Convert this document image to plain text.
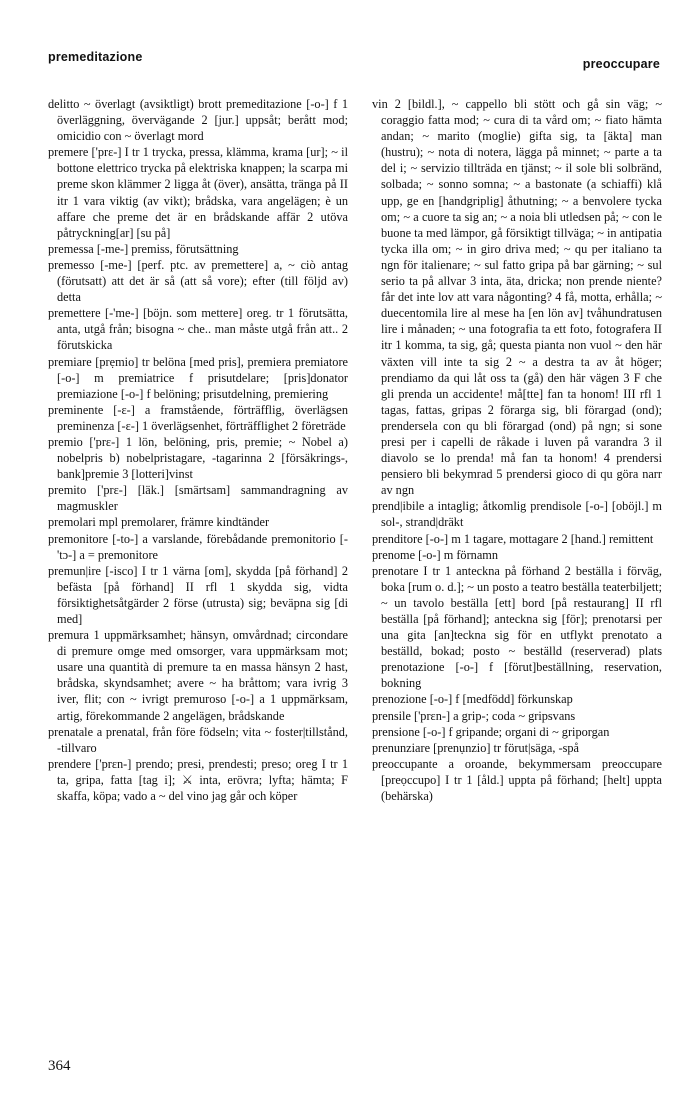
premeditazione	preoccupare

delitto ~ överlagt (avsiktligt) brott premeditazione [-o-] f 1 överläggning, övervägande 2 [jur.] uppsåt; berått mod; omicidio con ~ överlagt mord

premere ['prɛ-] I tr 1 trycka, pressa, klämma, krama [ur]; ~ il bottone elettrico trycka på elektriska knappen; la scarpa mi preme skon klämmer 2 ligga åt (över), ansätta, tränga på II itr 1 vara viktig (av vikt); brådska, vara angelägen; è un affare che preme det är en brådskande affär 2 utöva påtryckning[ar] [su på]

premessa [-me-] premiss, förutsättning

premesso [-me-] [perf. ptc. av premettere] a, ~ ciò antag (förutsatt) att det är så (att så vore); efter (till följd av) detta

premettere [-'me-] [böjn. som mettere] oreg. tr 1 förutsätta, anta, utgå från; bisogna ~ che.. man måste utgå från att.. 2 förutskicka

premiare [prẹmio] tr belöna [med pris], premiera premiatore [-o-] m premiatrice f prisutdelare; [pris]donator premiazione [-o-] f belöning; prisutdelning, premiering

preminente [-ɛ-] a framstående, förträfflig, överlägsen preminenza [-ɛ-] 1 överlägsenhet, förträfflighet 2 företräde

premio ['prɛ-] 1 lön, belöning, pris, premie; ~ Nobel a) nobelpris b) nobelpristagare, -tagarinna 2 [försäkrings-, bank]premie 3 [lotteri]vinst

premito ['prɛ-] [läk.] [smärtsam] sammandragning av magmuskler

premolari mpl premolarer, främre kindtänder

premonitore [-to-] a varslande, förebådande premonitorio [-'tɔ-] a = premonitore

premun|ire [-isco] I tr 1 värna [om], skydda [på förhand] 2 befästa [på förhand] II rfl 1 skydda sig, vidta försiktighetsåtgärder 2 förse (utrusta) sig; beväpna sig [di med]

premura 1 uppmärksamhet; hänsyn, omvårdnad; circondare di premure omge med omsorger, vara uppmärksam mot; usare una quantità di premure ta en massa hänsyn 2 hast, brådska, skyndsamhet; avere ~ ha bråttom; vara ivrig 3 iver, flit; con ~ ivrigt premuroso [-o-] a 1 uppmärksam, artig, förekommande 2 angelägen, brådskande

prenatale a prenatal, från före födseln; vita ~ foster|tillstånd, -tillvaro

prendere ['prɛn-] prendo; presi, prendesti; preso; oreg I tr 1 ta, gripa, fatta [tag i]; ⚔ inta, erövra; lyfta; hämta; F skaffa, köpa; vado a ~ del vino jag går och köper

vin 2 [bildl.], ~ cappello bli stött och gå sin väg; ~ coraggio fatta mod; ~ cura di ta vård om; ~ fiato hämta andan; ~ marito (moglie) gifta sig, ta [äkta] man (hustru); ~ nota di notera, lägga på minnet; ~ parte a ta del i; ~ servizio tillträda en tjänst; ~ il sole bli solbränd, solbada; ~ sonno somna; ~ a bastonate (a schiaffi) klå upp, ge en [handgriplig] åthutning; ~ a benvolere tycka om; ~ a cuore ta sig an; ~ a noia bli utledsen på; ~ con le buone ta med lämpor, gå försiktigt tillväga; ~ in antipatia tycka illa om; ~ in giro driva med; ~ qu per italiano ta ngn för italienare; ~ sul fatto gripa på bar gärning; ~ sul serio ta på allvar 3 inta, äta, dricka; non prende niente? får det inte lov att vara någonting? 4 få, motta, erhålla; ~ duecentomila lire al mese ha [en lön av] tvåhundratusen lire i månaden; ~ una fotografia ta ett foto, fotografera II itr 1 komma, ta sig, gå; questa pianta non vuol ~ den här växten vill inte ta sig 2 ~ a destra ta av åt höger; prendiamo da qui låt oss ta (gå) den här vägen 3 F che gli prenda un accidente! må[tte] fan ta honom! III rfl 1 tagas, fattas, gripas 2 förarga sig, bli förargad (ond); prendersela con qu bli förargad (ond) på ngn; si sone presi per i capelli de råkade i luven på varandra 3 il diavolo se lo prenda! må fan ta honom! 4 prendersi pensiero bli bekymrad 5 prendersi gioco di qu göra narr av ngn

prend|ibile a intaglig; åtkomlig prendisole [-o-] [oböjl.] m sol-, strand|dräkt

prenditore [-o-] m 1 tagare, mottagare 2 [hand.] remittent

prenome [-o-] m förnamn

prenotare I tr 1 anteckna på förhand 2 beställa i förväg, boka [rum o. d.]; ~ un posto a teatro beställa teaterbiljett; ~ un tavolo beställa [ett] bord [på restaurang] II rfl beställa [på förhand]; anteckna sig [för]; prenotarsi per una gita [an]teckna sig för en utflykt prenotato a beställd, bokad; posto ~ beställd (reserverad) plats prenotazione [-o-] f [förut]beställning, reservation, bokning

prenozione [-o-] f [medfödd] förkunskap

prensile ['prɛn-] a grip-; coda ~ gripsvans

prensione [-o-] f gripande; organi di ~ griporgan

prenunziare [prenụnzio] tr förut|säga, -spå

preoccupante a oroande, bekymmersam preoccupare [preọccupo] I tr 1 [åld.] uppta på förhand; [helt] uppta (behärska)

364
